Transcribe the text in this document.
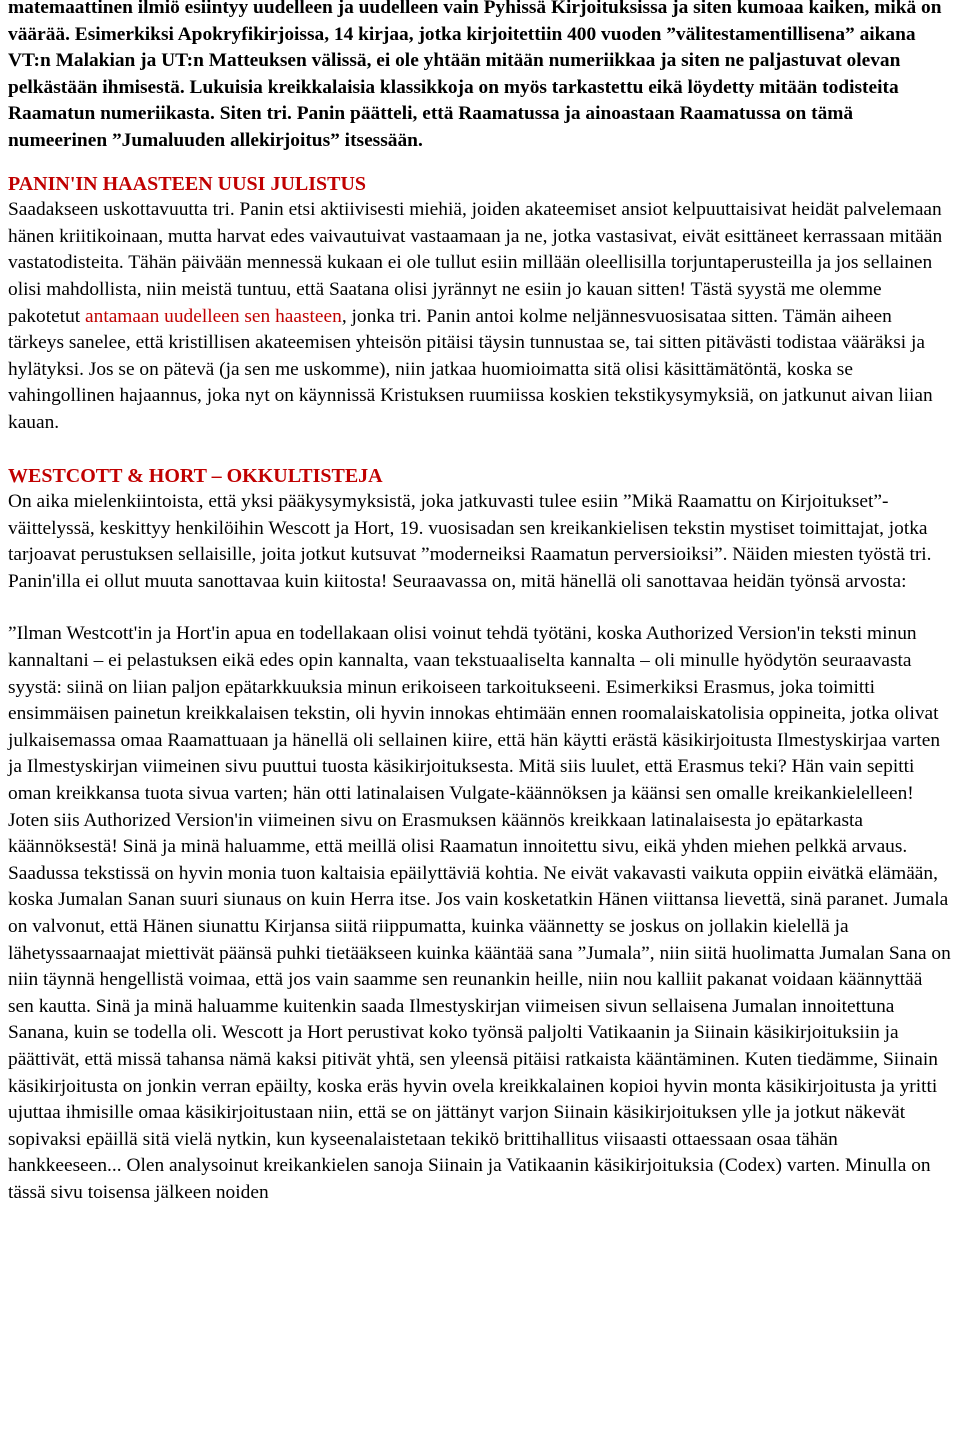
matemaattinen ilmiö esiintyy uudelleen ja uudelleen vain Pyhissä Kirjoituksissa ja siten kumoaa kaiken, mikä on väärää. Esimerkiksi Apokryfikirjoissa, 14 kirjaa, jotka kirjoitettiin 400 vuoden ”välitestamentillisena” aikana VT:n Malakian ja UT:n Matteuksen välissä, ei ole yhtään mitään numeriikkaa ja siten ne paljastuvat olevan pelkästään ihmisestä. Lukuisia kreikkalaisia klassikkoja on myös tarkastettu eikä löydetty mitään todisteita Raamatun numeriikasta. Siten tri. Panin päätteli, että Raamatussa ja ainoastaan Raamatussa on tämä numeerinen ”Jumaluuden allekirjoitus” itsessään.

PANIN'IN HAASTEEN UUSI JULISTUS

Saadakseen uskottavuutta tri. Panin etsi aktiivisesti miehiä, joiden akateemiset ansiot kelpuuttaisivat heidät palvelemaan hänen kriitikoinaan, mutta harvat edes vaivautuivat vastaamaan ja ne, jotka vastasivat, eivät esittäneet kerrassaan mitään vastatodisteita. Tähän päivään mennessä kukaan ei ole tullut esiin millään oleellisilla torjuntaperusteilla ja jos sellainen olisi mahdollista, niin meistä tuntuu, että Saatana olisi jyrännyt ne esiin jo kauan sitten! Tästä syystä me olemme pakotetut antamaan uudelleen sen haasteen, jonka tri. Panin antoi kolme neljännesvuosisataa sitten. Tämän aiheen tärkeys sanelee, että kristillisen akateemisen yhteisön pitäisi täysin tunnustaa se, tai sitten pitävästi todistaa vääräksi ja hylätyksi. Jos se on pätevä (ja sen me uskomme), niin jatkaa huomioimatta sitä olisi käsittämätöntä, koska se vahingollinen hajaannus, joka nyt on käynnissä Kristuksen ruumiissa koskien tekstikysymyksiä, on jatkunut aivan liian kauan.

WESTCOTT & HORT – OKKULTISTEJA

On aika mielenkiintoista, että yksi pääkysymyksistä, joka jatkuvasti tulee esiin ”Mikä Raamattu on Kirjoitukset”-väittelyssä, keskittyy henkilöihin Wescott ja Hort, 19. vuosisadan sen kreikankielisen tekstin mystiset toimittajat, jotka tarjoavat perustuksen sellaisille, joita jotkut kutsuvat ”moderneiksi Raamatun perversioiksi”. Näiden miesten työstä tri. Panin'illa ei ollut muuta sanottavaa kuin kiitosta! Seuraavassa on, mitä hänellä oli sanottavaa heidän työnsä arvosta:

”Ilman Westcott'in ja Hort'in apua en todellakaan olisi voinut tehdä työtäni, koska Authorized Version'in teksti minun kannaltani – ei pelastuksen eikä edes opin kannalta, vaan tekstuaaliselta kannalta – oli minulle hyödytön seuraavasta syystä: siinä on liian paljon epätarkkuuksia minun erikoiseen tarkoitukseeni. Esimerkiksi Erasmus, joka toimitti ensimmäisen painetun kreikkalaisen tekstin, oli hyvin innokas ehtimään ennen roomalaiskatolisia oppineita, jotka olivat julkaisemassa omaa Raamattuaan ja hänellä oli sellainen kiire, että hän käytti erästä käsikirjoitusta Ilmestyskirjaa varten ja Ilmestyskirjan viimeinen sivu puuttui tuosta käsikirjoituksesta. Mitä siis luulet, että Erasmus teki? Hän vain sepitti oman kreikkansa tuota sivua varten; hän otti latinalaisen Vulgate-käännöksen ja käänsi sen omalle kreikankielelleen! Joten siis Authorized Version'in viimeinen sivu on Erasmuksen käännös kreikkaan latinalaisesta jo epätarkasta käännöksestä! Sinä ja minä haluamme, että meillä olisi Raamatun innoitettu sivu, eikä yhden miehen pelkkä arvaus. Saadussa tekstissä on hyvin monia tuon kaltaisia epäilyttäviä kohtia. Ne eivät vakavasti vaikuta oppiin eivätkä elämään, koska Jumalan Sanan suuri siunaus on kuin Herra itse. Jos vain kosketatkin Hänen viittansa lievettä, sinä paranet. Jumala on valvonut, että Hänen siunattu Kirjansa siitä riippumatta, kuinka väännetty se joskus on jollakin kielellä ja lähetyssaarnaajat miettivät päänsä puhki tietääkseen kuinka kääntää sana ”Jumala”, niin siitä huolimatta Jumalan Sana on niin täynnä hengellistä voimaa, että jos vain saamme sen reunankin heille, niin nou kalliit pakanat voidaan käännyttää sen kautta. Sinä ja minä haluamme kuitenkin saada Ilmestyskirjan viimeisen sivun sellaisena Jumalan innoitettuna Sanana, kuin se todella oli. Wescott ja Hort perustivat koko työnsä paljolti Vatikaanin ja Siinain käsikirjoituksiin ja päättivät, että missä tahansa nämä kaksi pitivät yhtä, sen yleensä pitäisi ratkaista kääntäminen. Kuten tiedämme, Siinain käsikirjoitusta on jonkin verran epäilty, koska eräs hyvin ovela kreikkalainen kopioi hyvin monta käsikirjoitusta ja yritti ujuttaa ihmisille omaa käsikirjoitustaan niin, että se on jättänyt varjon Siinain käsikirjoituksen ylle ja jotkut näkevät sopivaksi epäillä sitä vielä nytkin, kun kyseenalaistetaan tekikö brittihallitus viisaasti ottaessaan osaa tähän hankkeeseen... Olen analysoinut kreikankielen sanoja Siinain ja Vatikaanin käsikirjoituksia (Codex) varten. Minulla on tässä sivu toisensa jälkeen noiden
